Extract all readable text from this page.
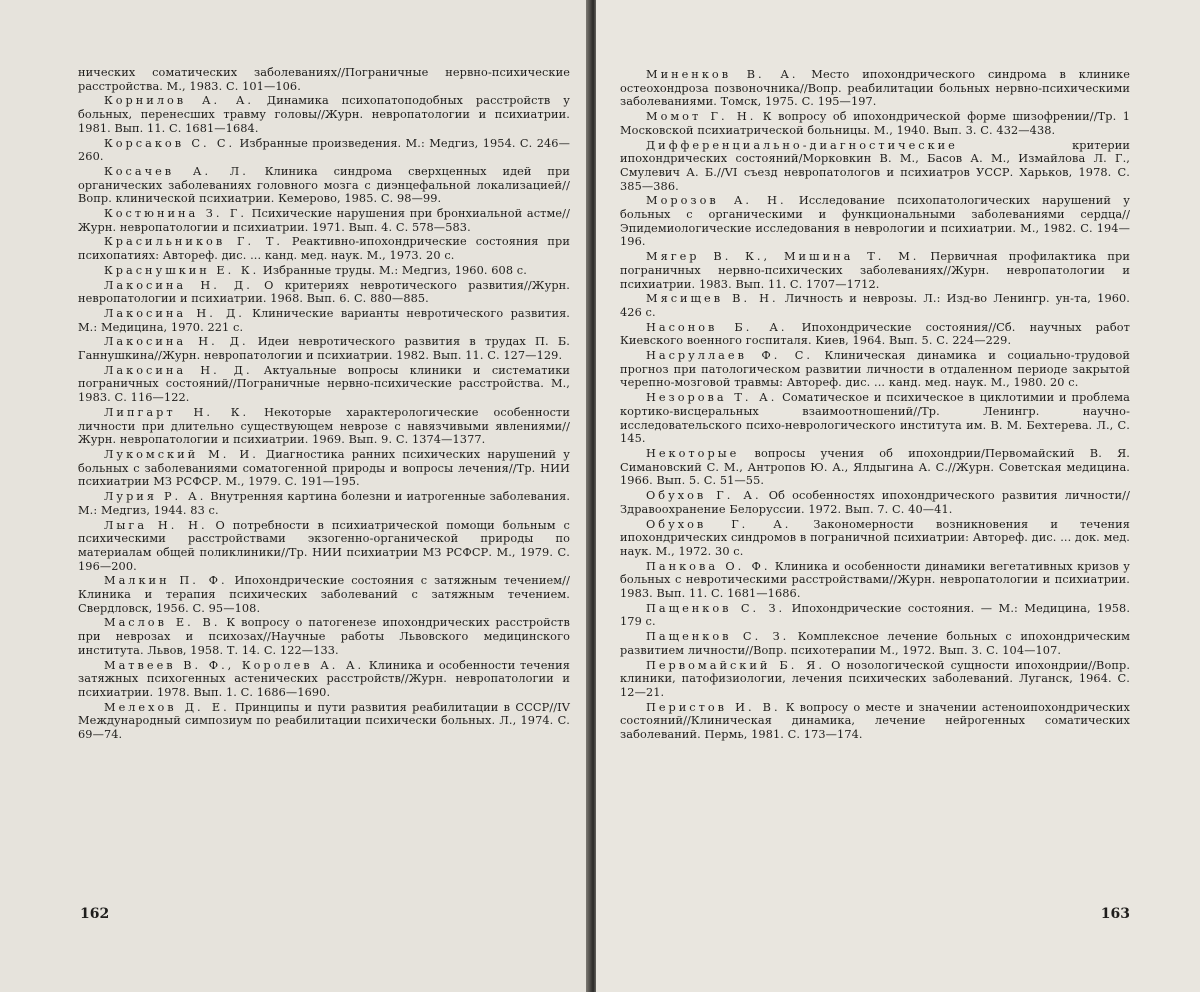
нических соматических заболеваниях//Пограничные нервно-психические расстройства. М., 1983. С. 101—106.

Корнилов А. А. Динамика психопатоподобных расстройств у больных, перенесших травму головы//Журн. невропатологии и психиатрии. 1981. Вып. 11. С. 1681—1684.

Корсаков С. С. Избранные произведения. М.: Медгиз, 1954. С. 246—260.

Косачев А. Л. Клиника синдрома сверхценных идей при органических заболеваниях головного мозга с диэнцефальной локализацией//Вопр. клинической психиатрии. Кемерово, 1985. С. 98—99.

Костюнина З. Г. Психические нарушения при бронхиальной астме//Журн. невропатологии и психиатрии. 1971. Вып. 4. С. 578—583.

Красильников Г. Т. Реактивно-ипохондрические состояния при психопатиях: Автореф. дис. ... канд. мед. наук. М., 1973. 20 с.

Краснушкин Е. К. Избранные труды. М.: Медгиз, 1960. 608 с.

Лакосина Н. Д. О критериях невротического развития//Журн. невропатологии и психиатрии. 1968. Вып. 6. С. 880—885.

Лакосина Н. Д. Клинические варианты невротического развития. М.: Медицина, 1970. 221 с.

Лакосина Н. Д. Идеи невротического развития в трудах П. Б. Ганнушкина//Журн. невропатологии и психиатрии. 1982. Вып. 11. С. 127—129.

Лакосина Н. Д. Актуальные вопросы клиники и систематики пограничных состояний//Пограничные нервно-психические расстройства. М., 1983. С. 116—122.

Липгарт Н. К. Некоторые характерологические особенности личности при длительно существующем неврозе с навязчивыми явлениями//Журн. невропатологии и психиатрии. 1969. Вып. 9. С. 1374—1377.

Лукомский М. И. Диагностика ранних психических нарушений у больных с заболеваниями соматогенной природы и вопросы лечения//Тр. НИИ психиатрии МЗ РСФСР. М., 1979. С. 191—195.

Лурия Р. А. Внутренняя картина болезни и иатрогенные заболевания. М.: Медгиз, 1944. 83 с.

Лыга Н. Н. О потребности в психиатрической помощи больным с психическими расстройствами экзогенно-органической природы по материалам общей поликлиники//Тр. НИИ психиатрии МЗ РСФСР. М., 1979. С. 196—200.

Малкин П. Ф. Ипохондрические состояния с затяжным течением//Клиника и терапия психических заболеваний с затяжным течением. Свердловск, 1956. С. 95—108.

Маслов Е. В. К вопросу о патогенезе ипохондрических расстройств при неврозах и психозах//Научные работы Львовского медицинского института. Львов, 1958. Т. 14. С. 122—133.

Матвеев В. Ф., Королев А. А. Клиника и особенности течения затяжных психогенных астенических расстройств//Журн. невропатологии и психиатрии. 1978. Вып. 1. С. 1686—1690.

Мелехов Д. Е. Принципы и пути развития реабилитации в СССР//IV Международный симпозиум по реабилитации психически больных. Л., 1974. С. 69—74.

162

Миненков В. А. Место ипохондрического синдрома в клинике остеохондроза позвоночника//Вопр. реабилитации больных нервно-психическими заболеваниями. Томск, 1975. С. 195—197.

Момот Г. Н. К вопросу об ипохондрической форме шизофрении//Тр. 1 Московской психиатрической больницы. М., 1940. Вып. 3. С. 432—438.

Дифференциально-диагностические критерии ипохондрических состояний/Морковкин В. М., Басов А. М., Измайлова Л. Г., Смулевич А. Б.//VI съезд невропатологов и психиатров УССР. Харьков, 1978. С. 385—386.

Морозов А. Н. Исследование психопатологических нарушений у больных с органическими и функциональными заболеваниями сердца//Эпидемиологические исследования в неврологии и психиатрии. М., 1982. С. 194—196.

Мягер В. К., Мишина Т. М. Первичная профилактика при пограничных нервно-психических заболеваниях//Журн. невропатологии и психиатрии. 1983. Вып. 11. С. 1707—1712.

Мясищев В. Н. Личность и неврозы. Л.: Изд-во Ленингр. ун-та, 1960. 426 с.

Насонов Б. А. Ипохондрические состояния//Сб. научных работ Киевского военного госпиталя. Киев, 1964. Вып. 5. С. 224—229.

Насруллаев Ф. С. Клиническая динамика и социально-трудовой прогноз при патологическом развитии личности в отдаленном периоде закрытой черепно-мозговой травмы: Автореф. дис. ... канд. мед. наук. М., 1980. 20 с.

Незорова Т. А. Соматическое и психическое в циклотимии и проблема кортико-висцеральных взаимоотношений//Тр. Ленингр. научно-исследовательского психо-неврологического института им. В. М. Бехтерева. Л., С. 145.

Некоторые вопросы учения об ипохондрии/Первомайский В. Я. Симановский С. М., Антропов Ю. А., Ялдыгина А. С.//Журн. Советская медицина. 1966. Вып. 5. С. 51—55.

Обухов Г. А. Об особенностях ипохондрического развития личности//Здравоохранение Белоруссии. 1972. Вып. 7. С. 40—41.

Обухов Г. А. Закономерности возникновения и течения ипохондрических синдромов в пограничной психиатрии: Автореф. дис. ... док. мед. наук. М., 1972. 30 с.

Панкова О. Ф. Клиника и особенности динамики вегетативных кризов у больных с невротическими расстройствами//Журн. невропатологии и психиатрии. 1983. Вып. 11. С. 1681—1686.

Пащенков С. З. Ипохондрические состояния. — М.: Медицина, 1958. 179 с.

Пащенков С. З. Комплексное лечение больных с ипохондрическим развитием личности//Вопр. психотерапии М., 1972. Вып. 3. С. 104—107.

Первомайский Б. Я. О нозологической сущности ипохондрии//Вопр. клиники, патофизиологии, лечения психических заболеваний. Луганск, 1964. С. 12—21.

Перистов И. В. К вопросу о месте и значении астеноипохондрических состояний//Клиническая динамика, лечение нейрогенных соматических заболеваний. Пермь, 1981. С. 173—174.

163
